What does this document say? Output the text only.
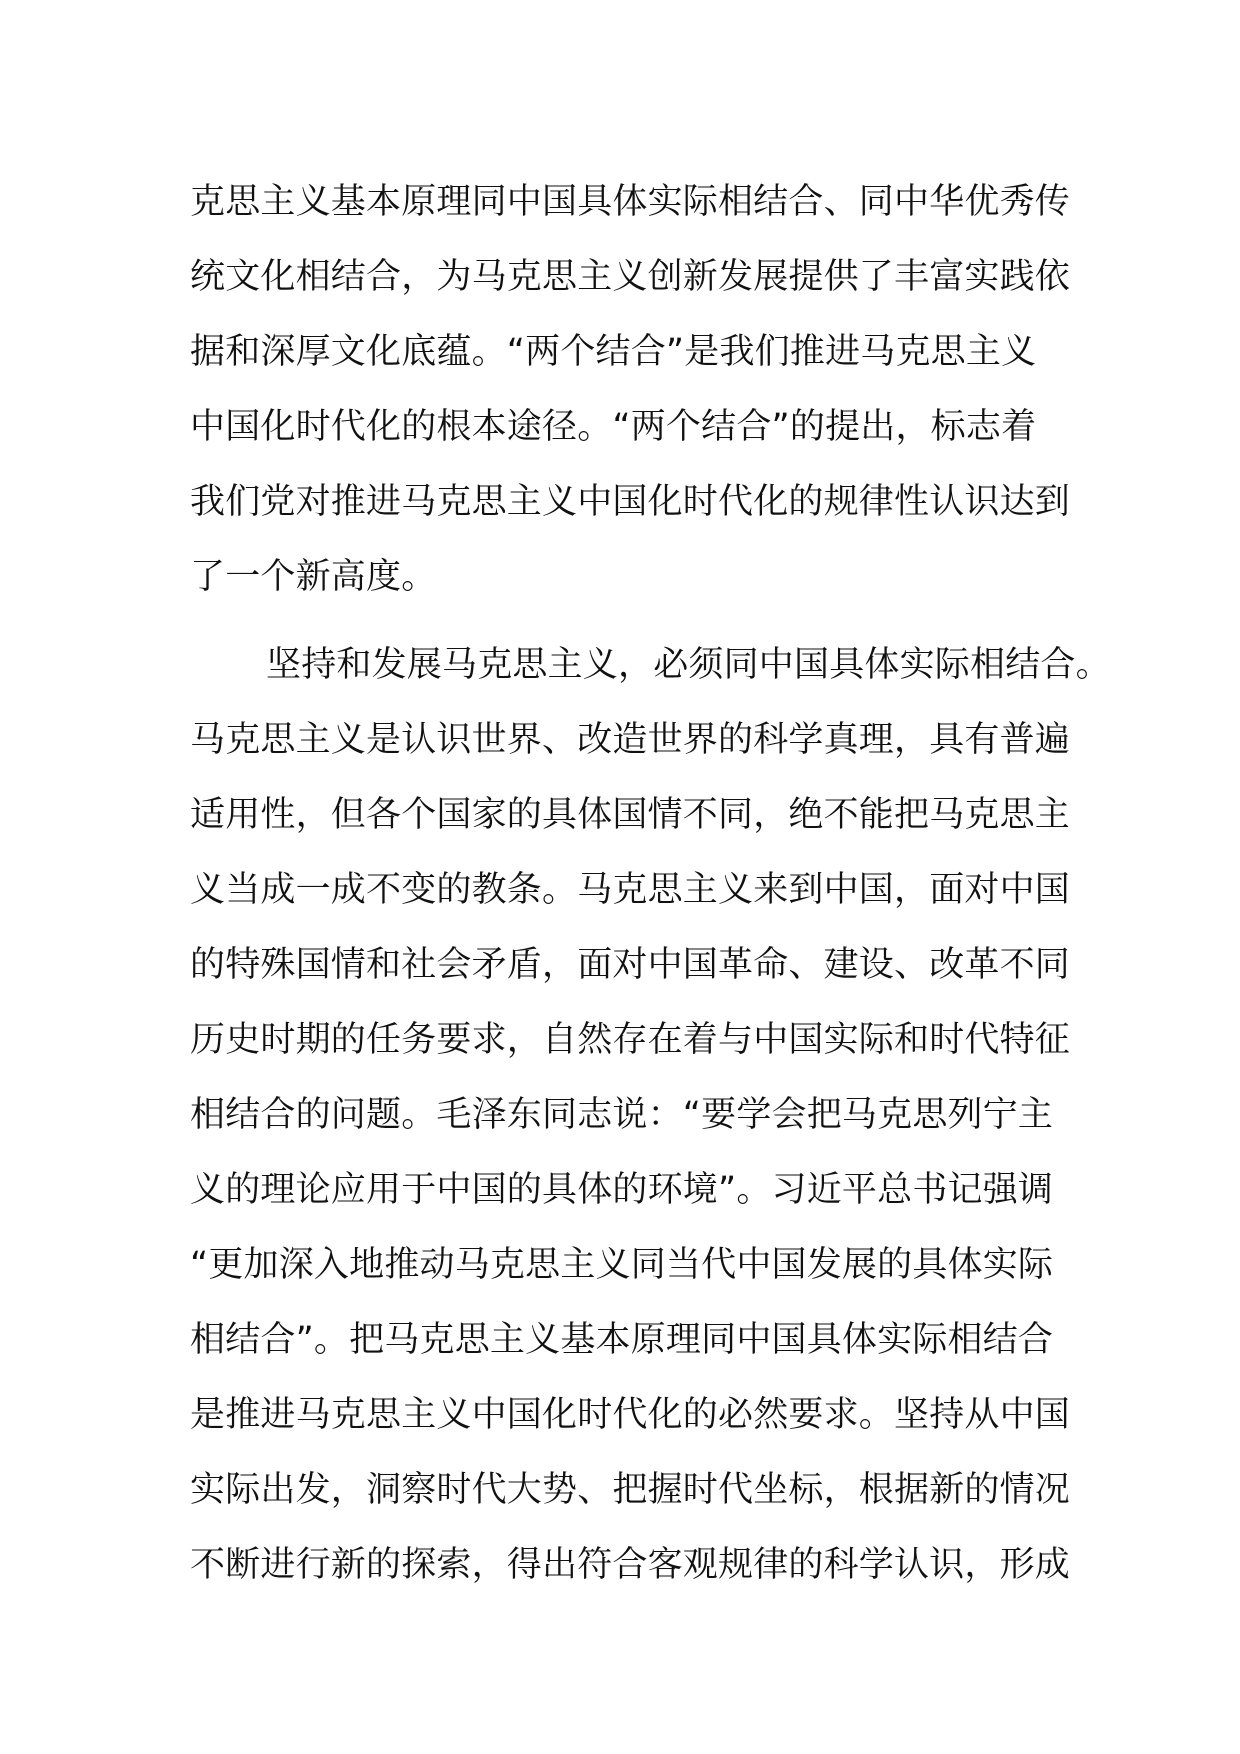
克思主义基本原理同中国具体实际相结合、同中华优秀传
统文化相结合，为马克思主义创新发展提供了丰富实践依
据和深厚文化底蕴。“两个结合”是我们推进马克思主义
中国化时代化的根本途径。“两个结合”的提出，标志着
我们党对推进马克思主义中国化时代化的规律性认识达到
了一个新高度。
坚持和发展马克思主义，必须同中国具体实际相结合。
马克思主义是认识世界、改造世界的科学真理，具有普遍
适用性，但各个国家的具体国情不同，绝不能把马克思主
义当成一成不变的教条。马克思主义来到中国，面对中国
的特殊国情和社会矛盾，面对中国革命、建设、改革不同
历史时期的任务要求，自然存在着与中国实际和时代特征
相结合的问题。毛泽东同志说：“要学会把马克思列宁主
义的理论应用于中国的具体的环境”。习近平总书记强调
“更加深入地推动马克思主义同当代中国发展的具体实际
相结合”。把马克思主义基本原理同中国具体实际相结合
是推进马克思主义中国化时代化的必然要求。坚持从中国
实际出发，洞察时代大势、把握时代坐标，根据新的情况
不断进行新的探索，得出符合客观规律的科学认识，形成
